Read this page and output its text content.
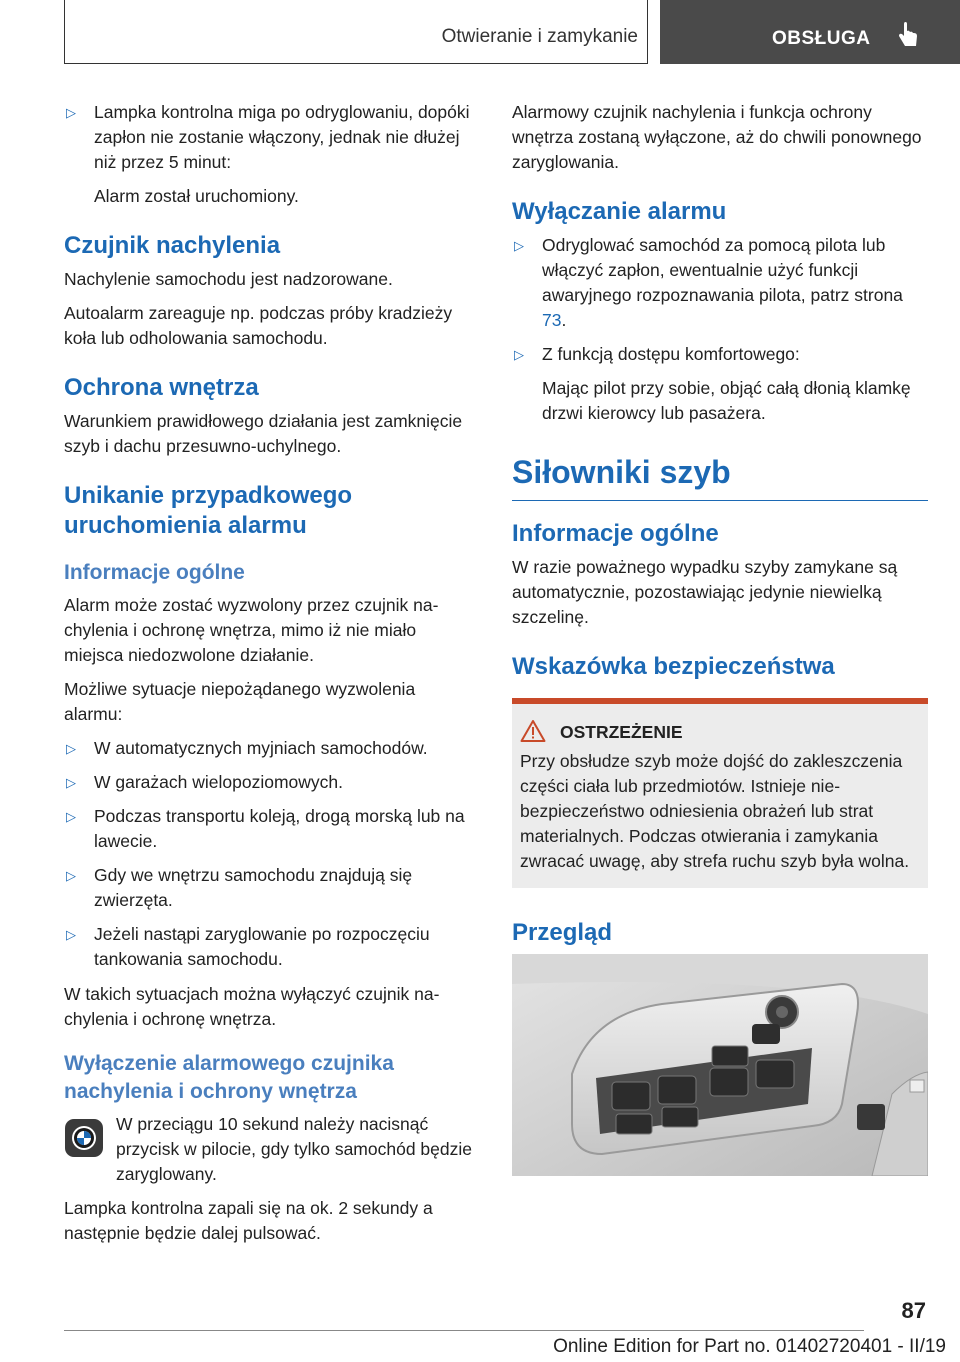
Otwieranie i zamykanie	OBSŁUGA
▷ Lampka kontrolna miga po odryglowaniu, dopóki zapłon nie zostanie włączony, jednak nie dłużej niż przez 5 minut:
Alarm został uruchomiony.
Czujnik nachylenia

Nachylenie samochodu jest nadzorowane.

Autoalarm zareaguje np. podczas próby kradzieży koła lub odholowania samochodu.

Ochrona wnętrza

Warunkiem prawidłowego działania jest zamknięcie szyb i dachu przesuwno-uchylnego.

Unikanie przypadkowego uruchomienia alarmu
Informacje ogólne

Alarm może zostać wyzwolony przez czujnik nachylenia i ochronę wnętrza, mimo iż nie miało miejsca niedozwolone działanie.

Możliwe sytuacje niepożądanego wyzwolenia alarmu:

▷ W automatycznych myjniach samochodów.
▷ W garażach wielopoziomowych.
▷ Podczas transportu koleją, drogą morską lub na lawecie.
▷ Gdy we wnętrzu samochodu znajdują się zwierzęta.
▷ Jeżeli nastąpi zaryglowanie po rozpoczęciu tankowania samochodu.

W takich sytuacjach można wyłączyć czujnik nachylenia i ochronę wnętrza.

Wyłączenie alarmowego czujnika nachylenia i ochrony wnętrza
W przeciągu 10 sekund należy nacisnąć przycisk w pilocie, gdy tylko samochód będzie zaryglowany.

Lampka kontrolna zapali się na ok. 2 sekundy a następnie będzie dalej pulsować.

Alarmowy czujnik nachylenia i funkcja ochrony wnętrza zostaną wyłączone, aż do chwili ponownego zaryglowania.

Wyłączanie alarmu
▷ Odryglować samochód za pomocą pilota lub włączyć zapłon, ewentualnie użyć funkcji awaryjnego rozpoznawania pilota, patrz strona 73.
▷ Z funkcją dostępu komfortowego:
Mając pilot przy sobie, objąć całą dłonią klamkę drzwi kierowcy lub pasażera.
Siłowniki szyb
Informacje ogólne

W razie poważnego wypadku szyby zamykane są automatycznie, pozostawiając jedynie niewielką szczelinę.

Wskazówka bezpieczeństwa
OSTRZEŻENIE

Przy obsłudze szyb może dojść do zakleszczenia części ciała lub przedmiotów. Istnieje niebezpieczeństwo odniesienia obrażeń lub strat materialnych. Podczas otwierania i zamykania zwracać uwagę, aby strefa ruchu szyb była wolna.

Przegląd
87
Online Edition for Part no. 01402720401 - II/19
